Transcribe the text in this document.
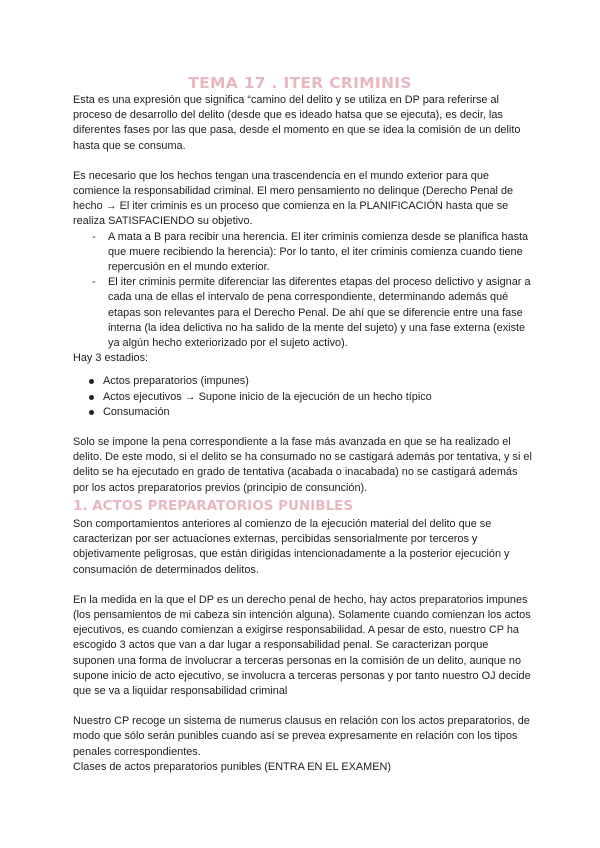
TEMA 17 . ITER CRIMINIS

Esta es una expresión que significa “camino del delito y se utiliza en DP para referirse al proceso de desarrollo del delito (desde que es ideado hatsa que se ejecuta), es decir, las diferentes fases por las que pasa, desde el momento en que se idea la comisión de un delito hasta que se consuma.

Es necesario que los hechos tengan una trascendencia en el mundo exterior para que comience la responsabilidad criminal. El mero pensamiento no delinque (Derecho Penal de hecho → El iter criminis es un proceso que comienza en la PLANIFICACIÓN hasta que se realiza SATISFACIENDO su objetivo.

- A mata a B para recibir una herencia. El iter criminis comienza desde se planifica hasta que muere recibiendo la herencia): Por lo tanto, el iter criminis comienza cuando tiene repercusión en el mundo exterior.
- El iter criminis permite diferenciar las diferentes etapas del proceso delictivo y asignar a cada una de ellas el intervalo de pena correspondiente, determinando además qué etapas son relevantes para el Derecho Penal. De ahí que se diferencie entre una fase interna (la idea delictiva no ha salido de la mente del sujeto) y una fase externa (existe ya algún hecho exteriorizado por el sujeto activo).

Hay 3 estadios:

Actos preparatorios (impunes)
Actos ejecutivos → Supone inicio de la ejecución de un hecho típico
Consumación

Solo se impone la pena correspondiente a la fase más avanzada en que se ha realizado el delito. De este modo, si el delito se ha consumado no se castigará además por tentativa, y si el delito se ha ejecutado en grado de tentativa (acabada o inacabada) no se castigará además por los actos preparatorios previos (principio de consunción).

1. ACTOS PREPARATORIOS PUNIBLES

Son comportamientos anteriores al comienzo de la ejecución material del delito que se caracterizan por ser actuaciones externas, percibidas sensorialmente por terceros y objetivamente peligrosas, que están dirigidas intencionadamente a la posterior ejecución y consumación de determinados delitos.

En la medida en la que el DP es un derecho penal de hecho, hay actos preparatorios impunes (los pensamientos de mi cabeza sin intención alguna). Solamente cuando comienzan los actos ejecutivos, es cuando comienzan a exigirse responsabilidad. A pesar de esto, nuestro CP ha escogido 3 actos que van a dar lugar a responsabilidad penal. Se caracterizan porque suponen una forma de involucrar a terceras personas en la comisión de un delito, aunque no supone inicio de acto ejecutivo, se involucra a terceras personas y por tanto nuestro OJ decide que se va a liquidar responsabilidad criminal

Nuestro CP recoge un sistema de numerus clausus en relación con los actos preparatorios, de modo que sólo serán punibles cuando así se prevea expresamente en relación con los tipos penales correspondientes.

Clases de actos preparatorios punibles (ENTRA EN EL EXAMEN)
